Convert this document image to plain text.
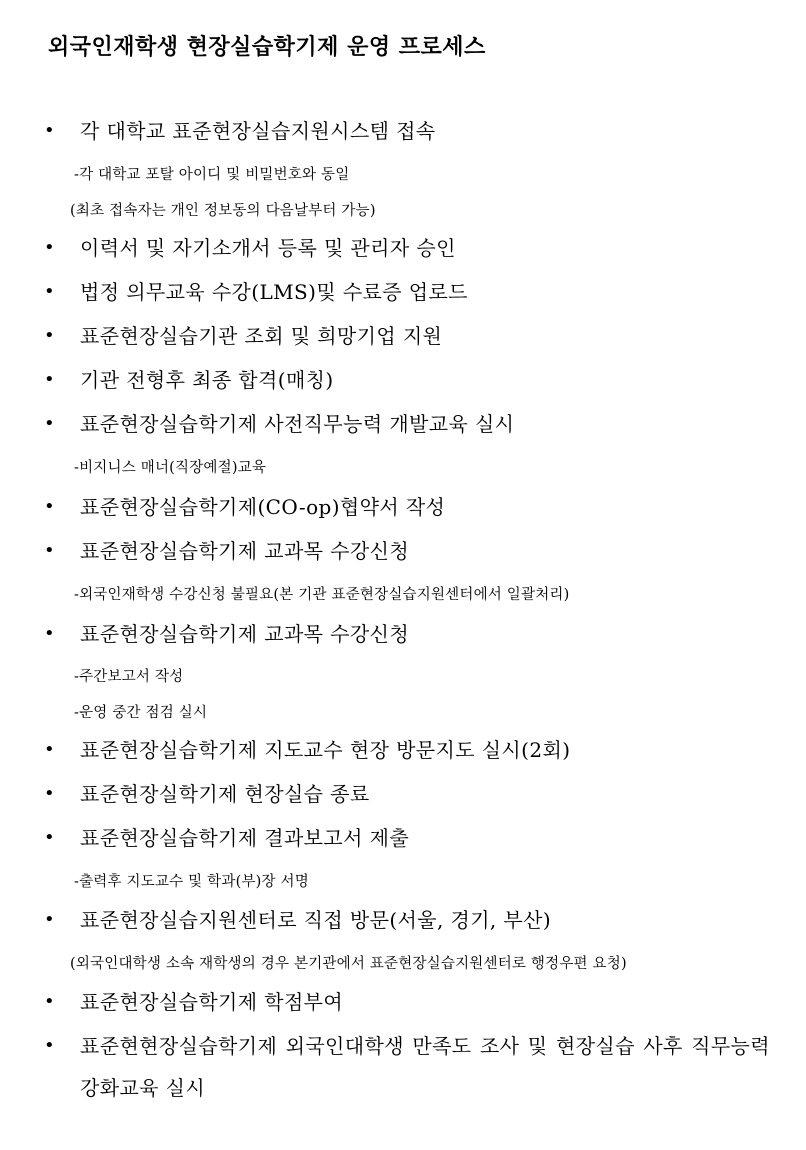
외국인재학생 현장실습학기제 운영 프로세스
• 각 대학교 표준현장실습지원시스템 접속
-각 대학교 포탈 아이디 및 비밀번호와 동일
(최초 접속자는 개인 정보동의 다음날부터 가능)
• 이력서 및 자기소개서 등록 및 관리자 승인
• 법정 의무교육 수강(LMS)및 수료증 업로드
• 표준현장실습기관 조회 및 희망기업 지원
• 기관 전형후 최종 합격(매칭)
• 표준현장실습학기제 사전직무능력 개발교육 실시
-비지니스 매너(직장예절)교육
• 표준현장실습학기제(CO-op)협약서 작성
• 표준현장실습학기제 교과목 수강신청
-외국인재학생 수강신청 불필요(본 기관 표준현장실습지원센터에서 일괄처리)
• 표준현장실습학기제 교과목 수강신청
-주간보고서 작성
-운영 중간 점검 실시
• 표준현장실습학기제 지도교수 현장 방문지도 실시(2회)
• 표준현장실학기제 현장실습 종료
• 표준현장실습학기제 결과보고서 제출
-출력후 지도교수 및 학과(부)장 서명
• 표준현장실습지원센터로 직접 방문(서울, 경기, 부산)
(외국인대학생 소속 재학생의 경우 본기관에서 표준현장실습지원센터로 행정우편 요청)
• 표준현장실습학기제 학점부여
• 표준현현장실습학기제 외국인대학생 만족도 조사 및 현장실습 사후 직무능력 강화교육 실시
